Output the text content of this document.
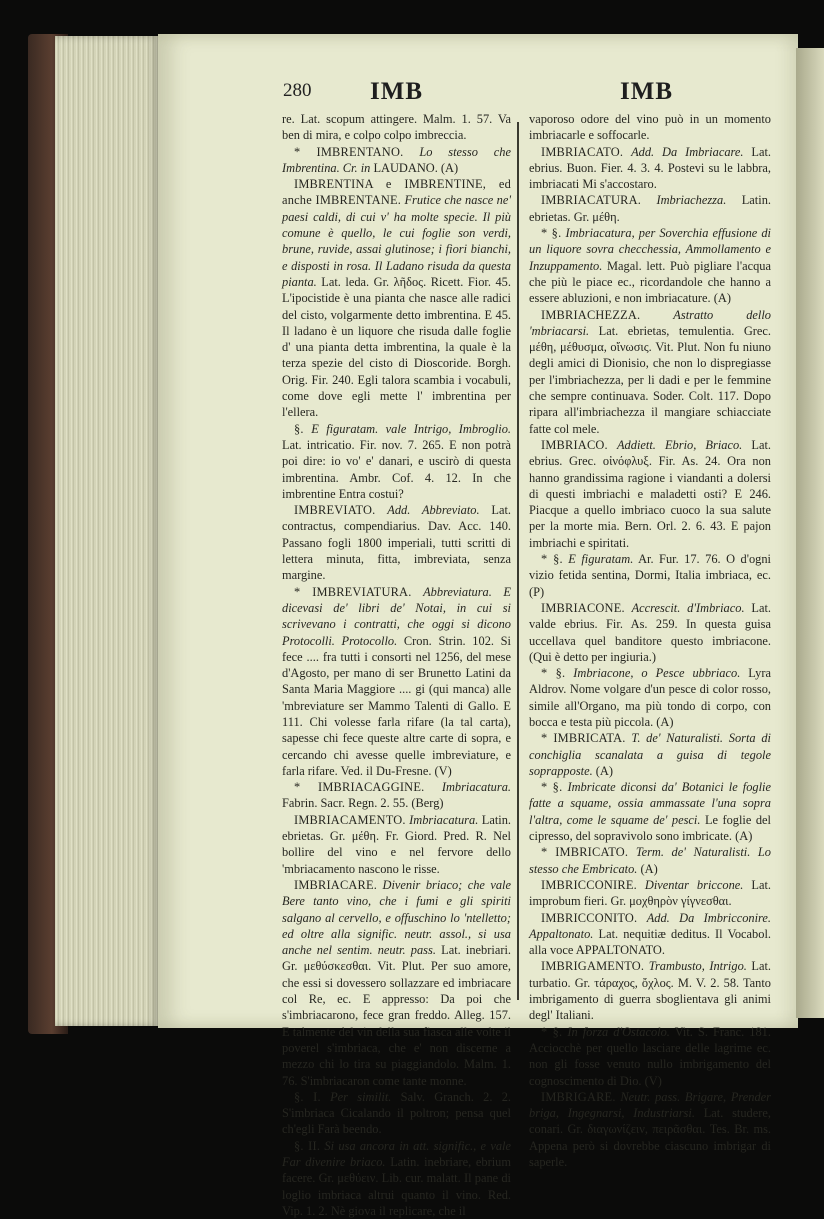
280 IMB	IMB

re. Lat. scopum attingere. Malm. 1. 57. Va ben di mira, e colpo colpo imbreccia.

* IMBRENTANO. Lo stesso che Imbrentina. Cr. in LAUDANO. (A)

IMBRENTINA e IMBRENTINE, ed anche IMBRENTANE. Frutice che nasce ne' paesi caldi, di cui v' ha molte specie. Il più comune è quello, le cui foglie son verdi, brune, ruvide, assai glutinose; i fiori bianchi, e disposti in rosa. Il Ladano risuda da questa pianta. Lat. leda. Gr. λῆδος. Ricett. Fior. 45. L'ipocistide è una pianta che nasce alle radici del cisto, volgarmente detto imbrentina. E 45. Il ladano è un liquore che risuda dalle foglie d' una pianta detta imbrentina, la quale è la terza spezie del cisto di Dioscoride. Borgh. Orig. Fir. 240. Egli talora scambia i vocabuli, come dove egli mette l' imbrentina per l'ellera.

§. E figuratam. vale Intrigo, Imbroglio. Lat. intricatio. Fir. nov. 7. 265. E non potrà poi dire: io vo' e' danari, e uscirò di questa imbrentina. Ambr. Cof. 4. 12. In che imbrentine Entra costui?

IMBREVIATO. Add. Abbreviato. Lat. contractus, compendiarius. Dav. Acc. 140. Passano fogli 1800 imperiali, tutti scritti di lettera minuta, fitta, imbreviata, senza margine.

* IMBREVIATURA. Abbreviatura. E dicevasi de' libri de' Notai, in cui si scrivevano i contratti, che oggi si dicono Protocolli. Protocollo. Cron. Strin. 102. Si fece .... fra tutti i consorti nel 1256, del mese d'Agosto, per mano di ser Brunetto Latini da Santa Maria Maggiore .... gi (qui manca) alle 'mbreviature ser Mammo Talenti di Gallo. E 111. Chi volesse farla rifare (la tal carta), sapesse chi fece queste altre carte di sopra, e cercando chi avesse quelle imbreviature, e farla rifare. Ved. il Du-Fresne. (V)

* IMBRIACAGGINE. Imbriacatura. Fabrin. Sacr. Regn. 2. 55. (Berg)

IMBRIACAMENTO. Imbriacatura. Latin. ebrietas. Gr. μέθη. Fr. Giord. Pred. R. Nel bollire del vino e nel fervore dello 'mbriacamento nascono le risse.

IMBRIACARE. Divenir briaco; che vale Bere tanto vino, che i fumi e gli spiriti salgano al cervello, e offuschino lo 'ntelletto; ed oltre alla signific. neutr. assol., si usa anche nel sentim. neutr. pass. Lat. inebriari. Gr. μεθύσκεσθαι. Vit. Plut. Per suo amore, che essi si dovessero sollazzare ed imbriacare col Re, ec. E appresso: Da poi che s'imbriacarono, fece gran freddo. Alleg. 157. E talmente del vin della sua fiasca alle volte il poverel s'imbriaca, che e' non discerne a mezzo chi lo tira su piaggiandolo. Malm. 1. 76. S'imbriacaron come tante monne.

§. I. Per similit. Salv. Granch. 2. 2. S'imbriaca Cicalando il poltron; pensa quel ch'egli Farà beendo.

§. II. Si usa ancora in att. signific., e vale Far divenire briaco. Latin. inebriare, ebrium facere. Gr. μεθύειν. Lib. cur. malatt. Il pane di loglio imbriaca altrui quanto il vino. Red. Vip. 1. 2. Nè giova il replicare, che il

vaporoso odore del vino può in un momento imbriacarle e soffocarle.

IMBRIACATO. Add. Da Imbriacare. Lat. ebrius. Buon. Fier. 4. 3. 4. Postevi su le labbra, imbriacati Mi s'accostaro.

IMBRIACATURA. Imbriachezza. Latin. ebrietas. Gr. μέθη.

* §. Imbriacatura, per Soverchia effusione di un liquore sovra checchessia, Ammollamento e Inzuppamento. Magal. lett. Può pigliare l'acqua che più le piace ec., ricordandole che hanno a essere abluzioni, e non imbriacature. (A)

IMBRIACHEZZA.	Astratto dello 'mbriacarsi. Lat. ebrietas, temulentia. Grec. μέθη, μέθυσμα, οἴνωσις. Vit. Plut. Non fu niuno degli amici di Dionisio, che non lo dispregiasse per l'imbriachezza, per li dadi e per le femmine che sempre continuava. Soder. Colt. 117. Dopo ripara all'imbriachezza il mangiare schiacciate fatte col mele.

IMBRIACO. Addiett. Ebrio, Briaco. Lat. ebrius. Grec. οἰνόφλυξ. Fir. As. 24. Ora non hanno grandissima ragione i viandanti a dolersi di questi imbriachi e maladetti osti? E 246. Piacque a quello imbriaco cuoco la sua salute per la morte mia. Bern. Orl. 2. 6. 43. E pajon imbriachi e spiritati.

* §. E figuratam. Ar. Fur. 17. 76. O d'ogni vizio fetida sentina, Dormi, Italia imbriaca, ec. (P)

IMBRIACONE. Accrescit. d'Imbriaco. Lat. valde ebrius. Fir. As. 259. In questa guisa uccellava quel banditore questo imbriacone. (Qui è detto per ingiuria.)

* §. Imbriacone, o Pesce ubbriaco. Lyra Aldrov. Nome volgare d'un pesce di color rosso, simile all'Organo, ma più tondo di corpo, con bocca e testa più piccola. (A)

* IMBRICATA. T. de' Naturalisti. Sorta di conchiglia scanalata a guisa di tegole soprapposte. (A)

* §. Imbricate diconsi da' Botanici le foglie fatte a squame, ossia ammassate l'una sopra l'altra, come le squame de' pesci. Le foglie del cipresso, del sopravivolo sono imbricate. (A)

* IMBRICATO. Term. de' Naturalisti. Lo stesso che Embricato. (A)

IMBRICCONIRE. Diventar briccone. Lat. improbum fieri. Gr. μοχθηρὸν γίγνεσθαι.

IMBRICCONITO. Add. Da Imbricconire. Appaltonato. Lat. nequitiæ deditus. Il Vocabol. alla voce APPALTONATO.

IMBRIGAMENTO. Trambusto, Intrigo. Lat. turbatio. Gr. τάραχος, ὄχλος. M. V. 2. 58. Tanto imbrigamento di guerra sboglientava gli animi degl' Italiani.

* §. In forza d'Ostacolo. Vit. S. Franc. 181. Acciocchè per quello lasciare delle lagrime ec. non gli fosse venuto nullo imbrigamento del cognoscimento di Dio. (V)

IMBRIGARE. Neutr. pass. Brigare, Prender briga, Ingegnarsi, Industriarsi. Lat. studere, conari. Gr. διαγωνίζειν, πειρᾶσθαι. Tes. Br. ms. Appena però si dovrebbe ciascuno imbrigar di saperle.
